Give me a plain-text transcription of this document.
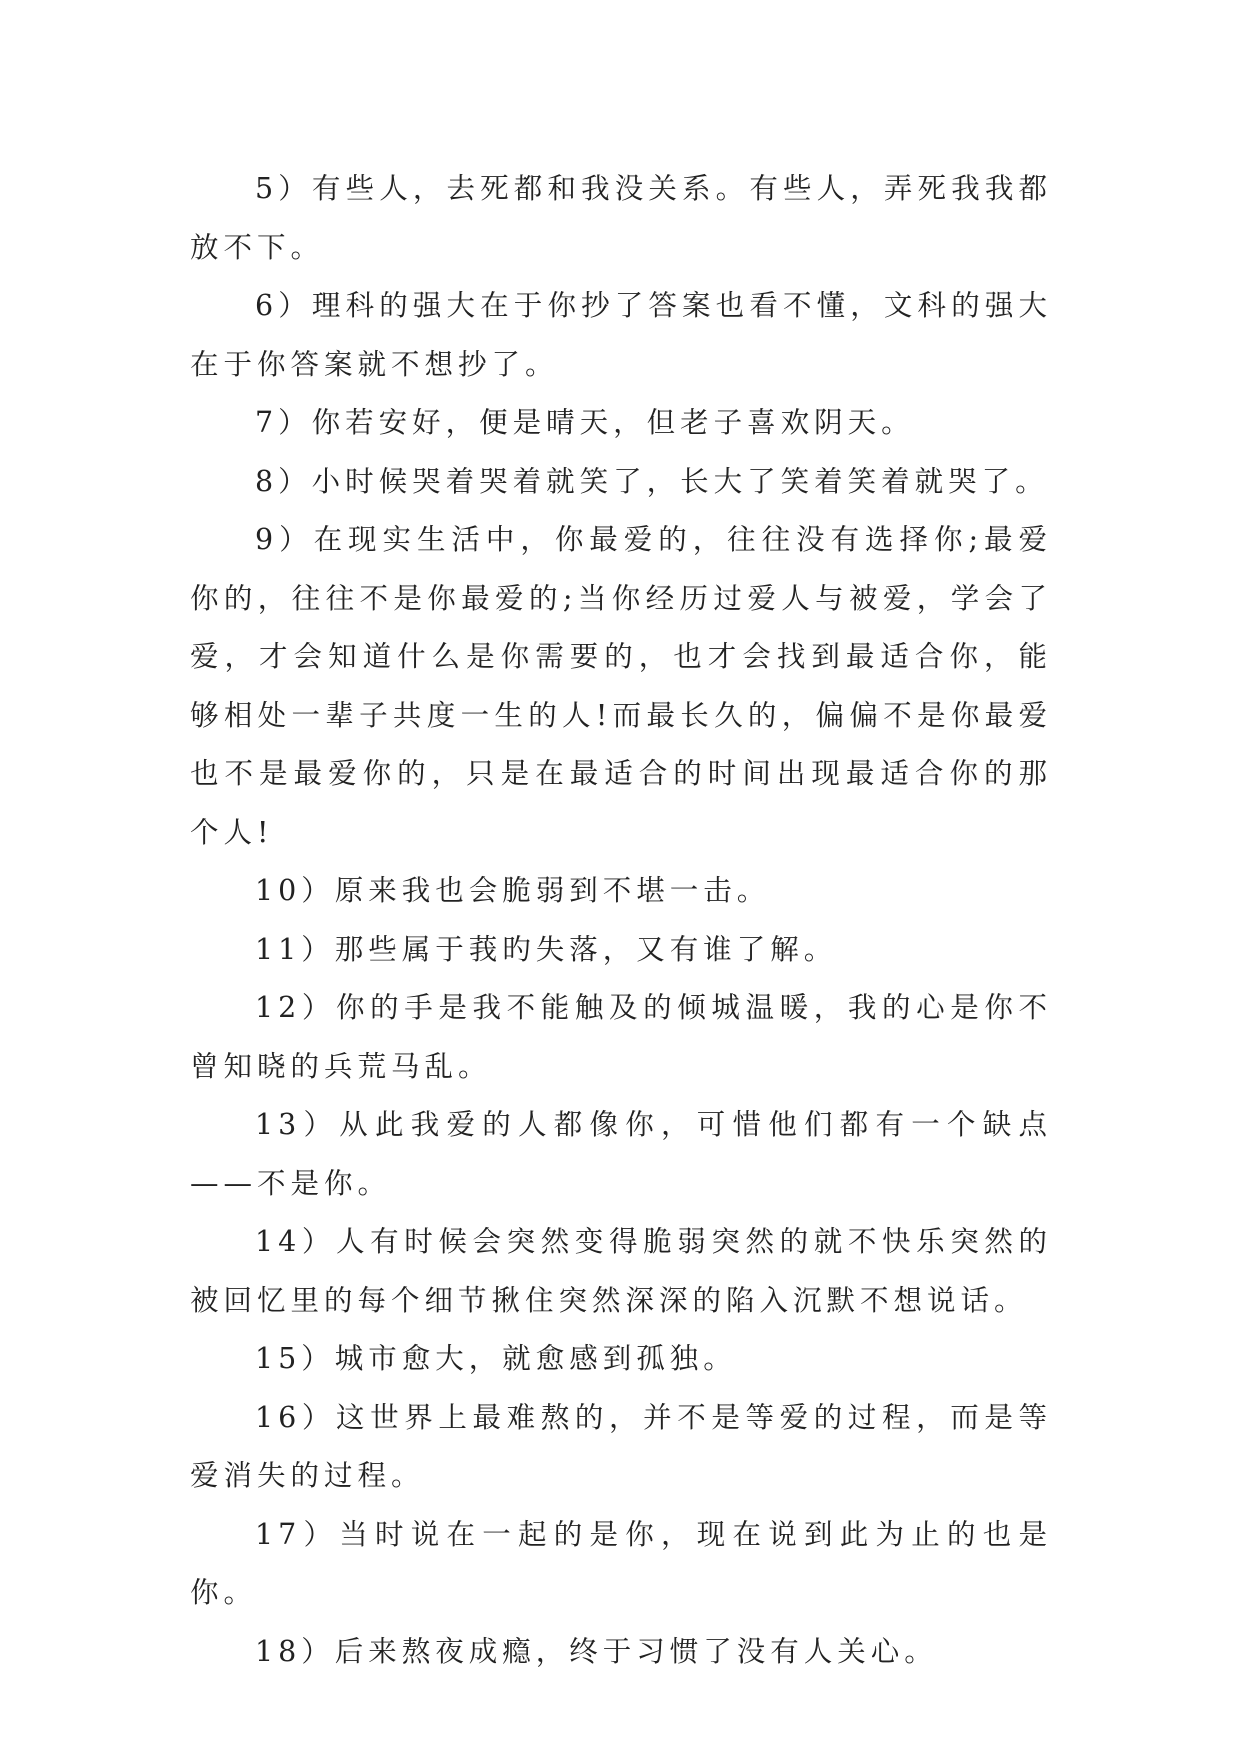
5）有些人，去死都和我没关系。有些人，弄死我我都放不下。

6）理科的强大在于你抄了答案也看不懂，文科的强大在于你答案就不想抄了。

7）你若安好，便是晴天，但老子喜欢阴天。

8）小时候哭着哭着就笑了，长大了笑着笑着就哭了。

9）在现实生活中，你最爱的，往往没有选择你;最爱你的，往往不是你最爱的;当你经历过爱人与被爱，学会了爱，才会知道什么是你需要的，也才会找到最适合你，能够相处一辈子共度一生的人!而最长久的，偏偏不是你最爱也不是最爱你的，只是在最适合的时间出现最适合你的那个人!

10）原来我也会脆弱到不堪一击。

11）那些属于莪旳失落，又有谁了解。

12）你的手是我不能触及的倾城温暖，我的心是你不曾知晓的兵荒马乱。

13）从此我爱的人都像你，可惜他们都有一个缺点——不是你。

14）人有时候会突然变得脆弱突然的就不快乐突然的被回忆里的每个细节揪住突然深深的陷入沉默不想说话。

15）城市愈大，就愈感到孤独。

16）这世界上最难熬的，并不是等爱的过程，而是等爱消失的过程。

17）当时说在一起的是你，现在说到此为止的也是你。

18）后来熬夜成瘾，终于习惯了没有人关心。
